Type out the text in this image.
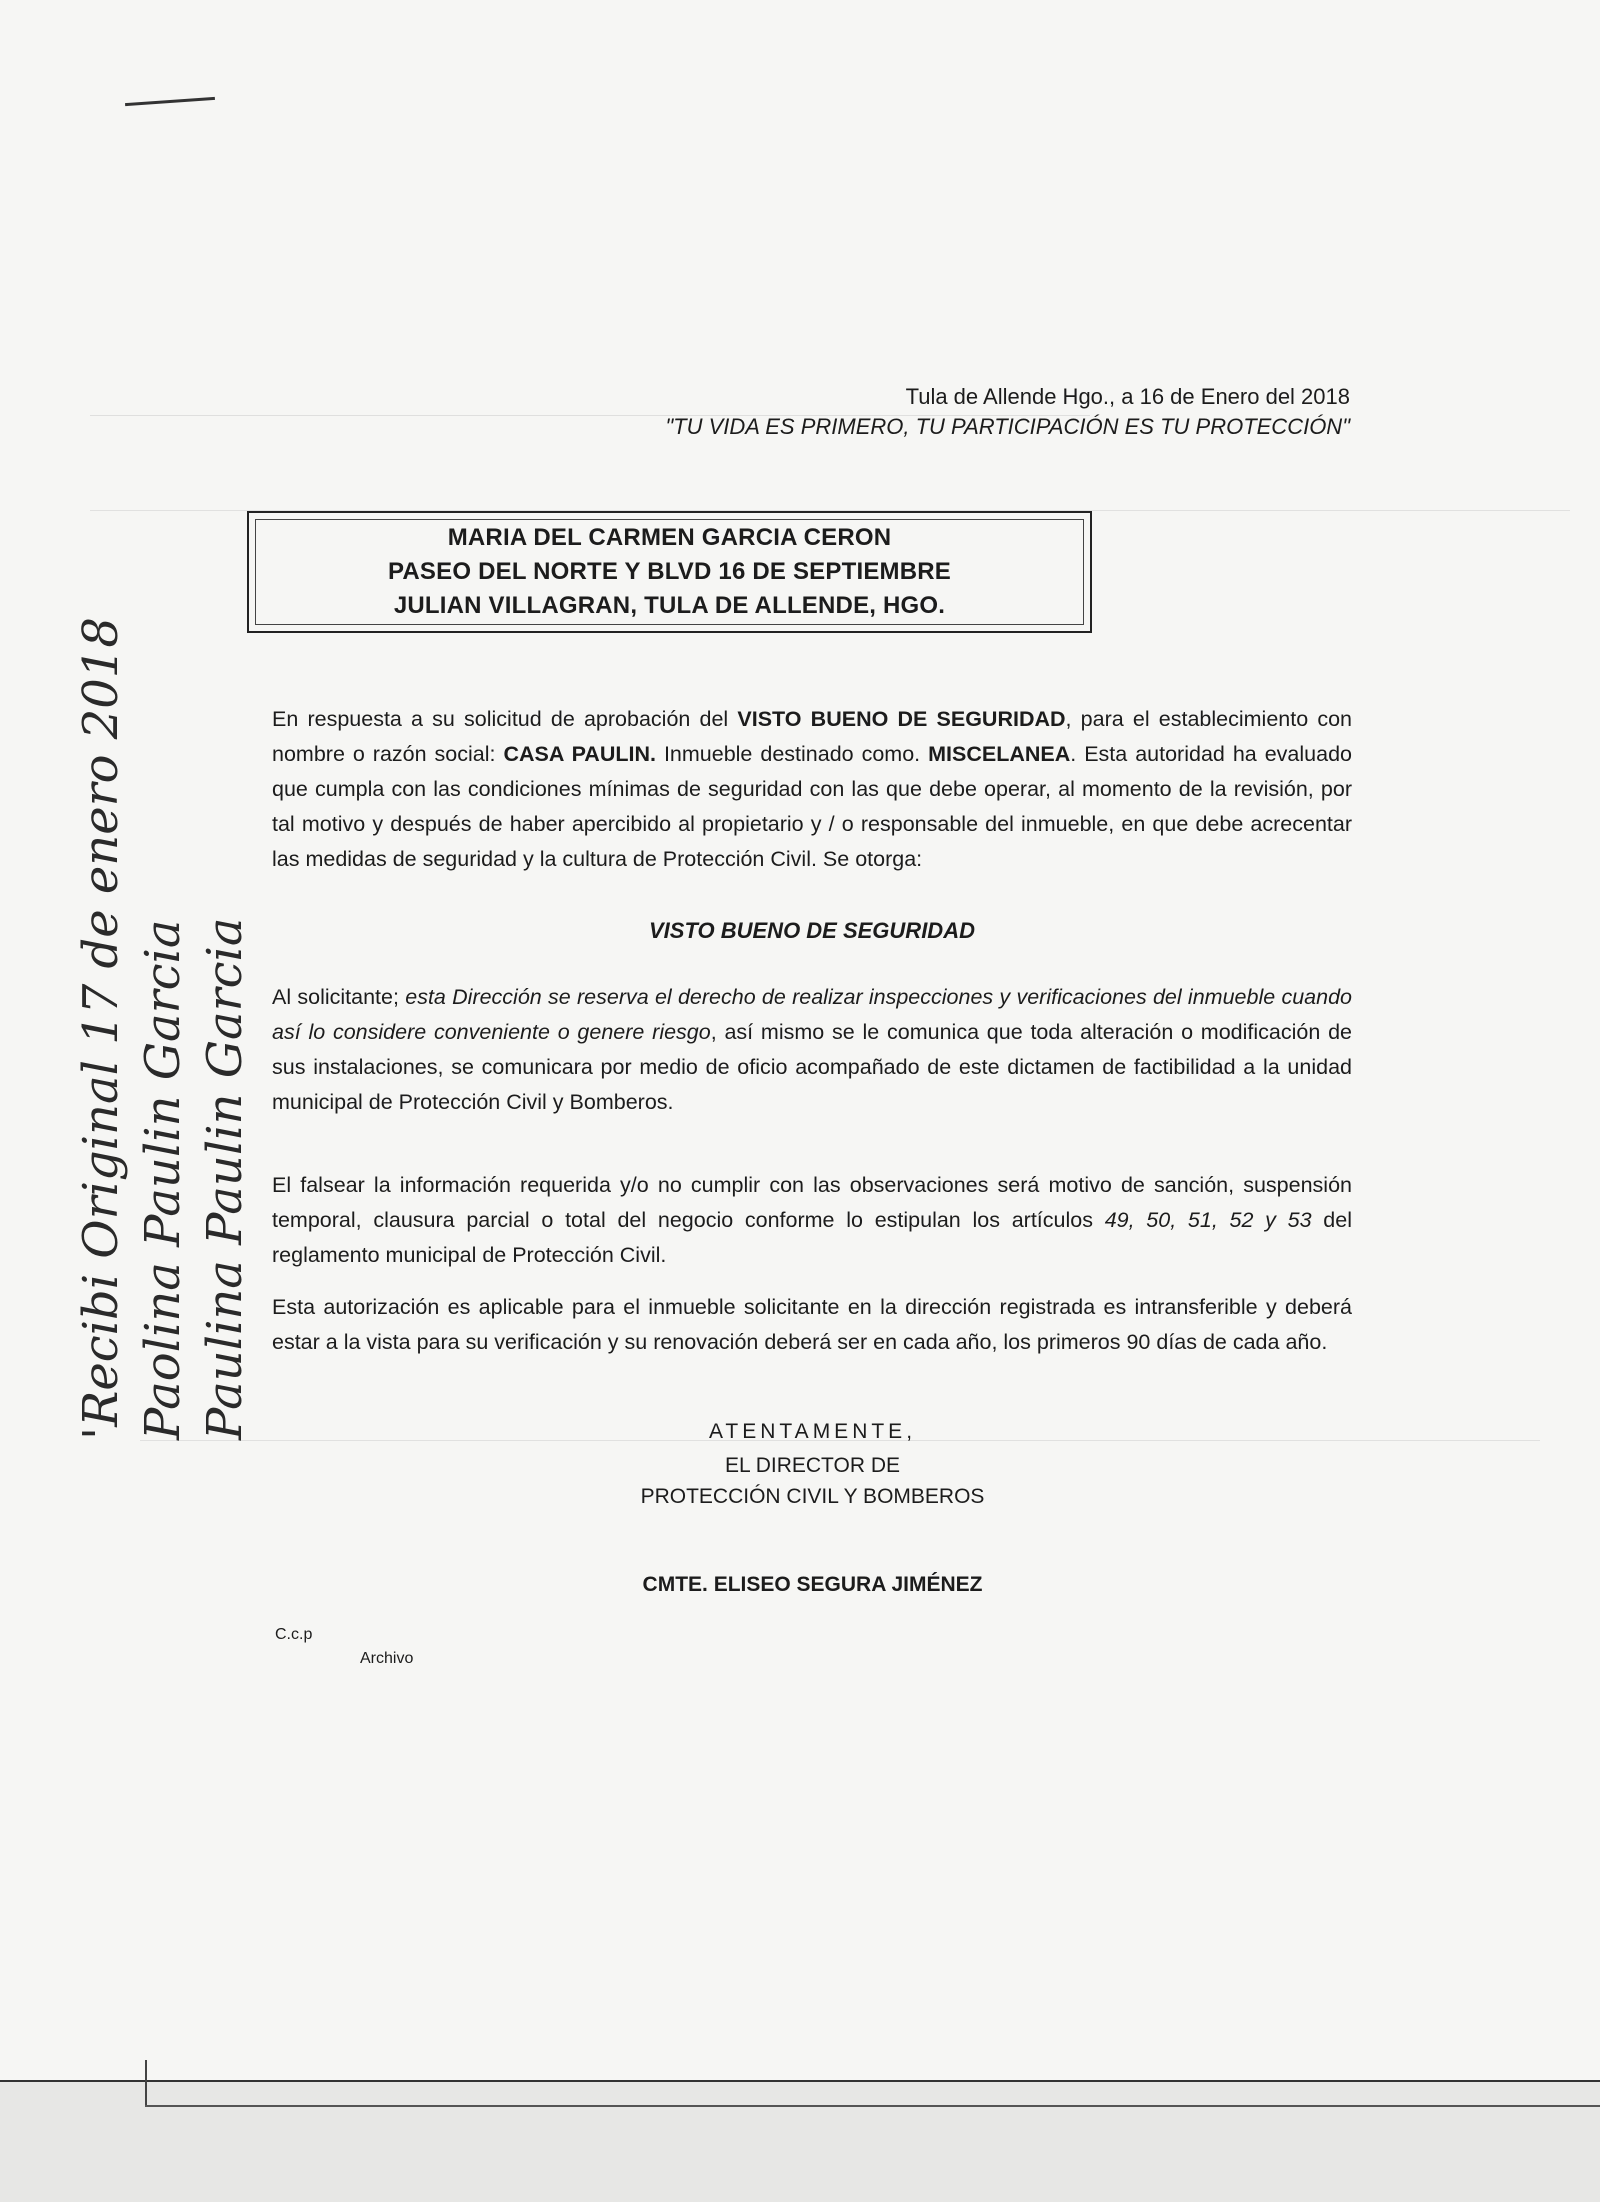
Tula de Allende Hgo., a 16 de Enero del 2018
"TU VIDA ES PRIMERO, TU PARTICIPACIÓN ES TU PROTECCIÓN"
MARIA DEL CARMEN GARCIA CERON
PASEO DEL NORTE Y BLVD 16 DE SEPTIEMBRE
JULIAN VILLAGRAN, TULA DE ALLENDE, HGO.
En respuesta a su solicitud de aprobación del VISTO BUENO DE SEGURIDAD, para el establecimiento con nombre o razón social: CASA PAULIN. Inmueble destinado como. MISCELANEA. Esta autoridad ha evaluado que cumpla con las condiciones mínimas de seguridad con las que debe operar, al momento de la revisión, por tal motivo y después de haber apercibido al propietario y / o responsable del inmueble, en que debe acrecentar las medidas de seguridad y la cultura de Protección Civil. Se otorga:
VISTO BUENO DE SEGURIDAD
Al solicitante; esta Dirección se reserva el derecho de realizar inspecciones y verificaciones del inmueble cuando así lo considere conveniente o genere riesgo, así mismo se le comunica que toda alteración o modificación de sus instalaciones, se comunicara por medio de oficio acompañado de este dictamen de factibilidad a la unidad municipal de Protección Civil y Bomberos.
El falsear la información requerida y/o no cumplir con las observaciones será motivo de sanción, suspensión temporal, clausura parcial o total del negocio conforme lo estipulan los artículos 49, 50, 51, 52 y 53 del reglamento municipal de Protección Civil.
Esta autorización es aplicable para el inmueble solicitante en la dirección registrada es intransferible y deberá estar a la vista para su verificación y su renovación deberá ser en cada año, los primeros 90 días de cada año.
ATENTAMENTE,
EL DIRECTOR DE
PROTECCIÓN CIVIL Y BOMBEROS
CMTE. ELISEO SEGURA JIMÉNEZ
C.c.p
Archivo
'Recibi Original 17 de enero 2018 Paolina Paulin Garcia Paulina Paulin Garcia
